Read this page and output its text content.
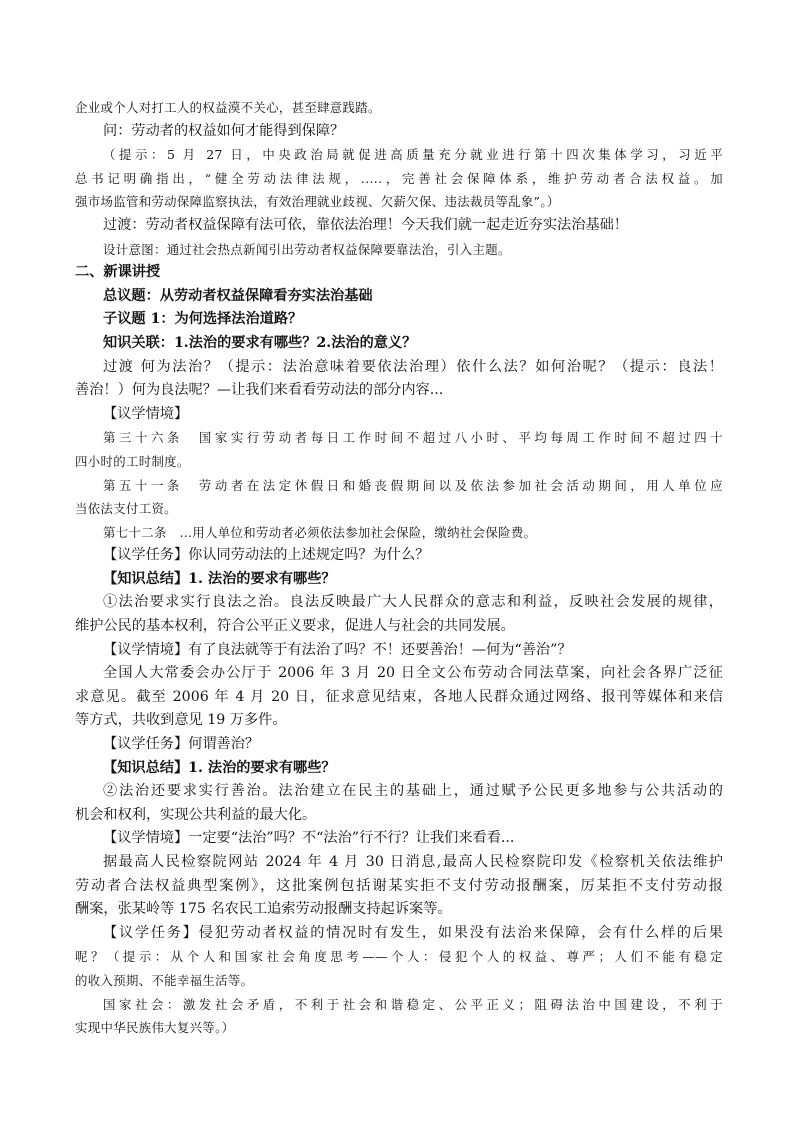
企业或个人对打工人的权益漠不关心，甚至肆意践踏。
问：劳动者的权益如何才能得到保障？
（提示：5 月 27 日，中央政治局就促进高质量充分就业进行第十四次集体学习，习近平
总书记明确指出，“健全劳动法律法规，.....，完善社会保障体系，维护劳动者合法权益。加
强市场监管和劳动保障监察执法，有效治理就业歧视、欠薪欠保、违法裁员等乱象”。）
过渡：劳动者权益保障有法可依，靠依法治理！今天我们就一起走近夯实法治基础！
设计意图：通过社会热点新闻引出劳动者权益保障要靠法治，引入主题。
二、新课讲授
总议题：从劳动者权益保障看夯实法治基础
子议题 1：为何选择法治道路？
知识关联：1.法治的要求有哪些？2.法治的意义？
过渡 何为法治？（提示：法治意味着要依法治理）依什么法？如何治呢？（提示：良法！
善治！）何为良法呢？—让我们来看看劳动法的部分内容...
【议学情境】
第三十六条　国家实行劳动者每日工作时间不超过八小时、平均每周工作时间不超过四十
四小时的工时制度。
第五十一条　劳动者在法定休假日和婚丧假期间以及依法参加社会活动期间，用人单位应
当依法支付工资。
第七十二条　...用人单位和劳动者必须依法参加社会保险，缴纳社会保险费。
【议学任务】你认同劳动法的上述规定吗？为什么？
【知识总结】1. 法治的要求有哪些？
①法治要求实行良法之治。良法反映最广大人民群众的意志和利益，反映社会发展的规律，
维护公民的基本权利，符合公平正义要求，促进人与社会的共同发展。
【议学情境】有了良法就等于有法治了吗？不！还要善治！—何为“善治”？
全国人大常委会办公厅于 2006 年 3 月 20 日全文公布劳动合同法草案，向社会各界广泛征
求意见。截至 2006 年 4 月 20 日，征求意见结束，各地人民群众通过网络、报刊等媒体和来信
等方式，共收到意见 19 万多件。
【议学任务】何谓善治？
【知识总结】1. 法治的要求有哪些？
②法治还要求实行善治。法治建立在民主的基础上，通过赋予公民更多地参与公共活动的
机会和权利，实现公共利益的最大化。
【议学情境】一定要“法治”吗？不“法治”行不行？让我们来看看...
据最高人民检察院网站 2024 年 4 月 30 日消息,最高人民检察院印发《检察机关依法维护
劳动者合法权益典型案例》，这批案例包括谢某实拒不支付劳动报酬案，厉某拒不支付劳动报
酬案，张某岭等 175 名农民工追索劳动报酬支持起诉案等。
【议学任务】侵犯劳动者权益的情况时有发生，如果没有法治来保障，会有什么样的后果
呢？（提示：从个人和国家社会角度思考——个人：侵犯个人的权益、尊严；人们不能有稳定
的收入预期、不能幸福生活等。
国家社会：激发社会矛盾，不利于社会和谐稳定、公平正义；阻碍法治中国建设，不利于
实现中华民族伟大复兴等。）
